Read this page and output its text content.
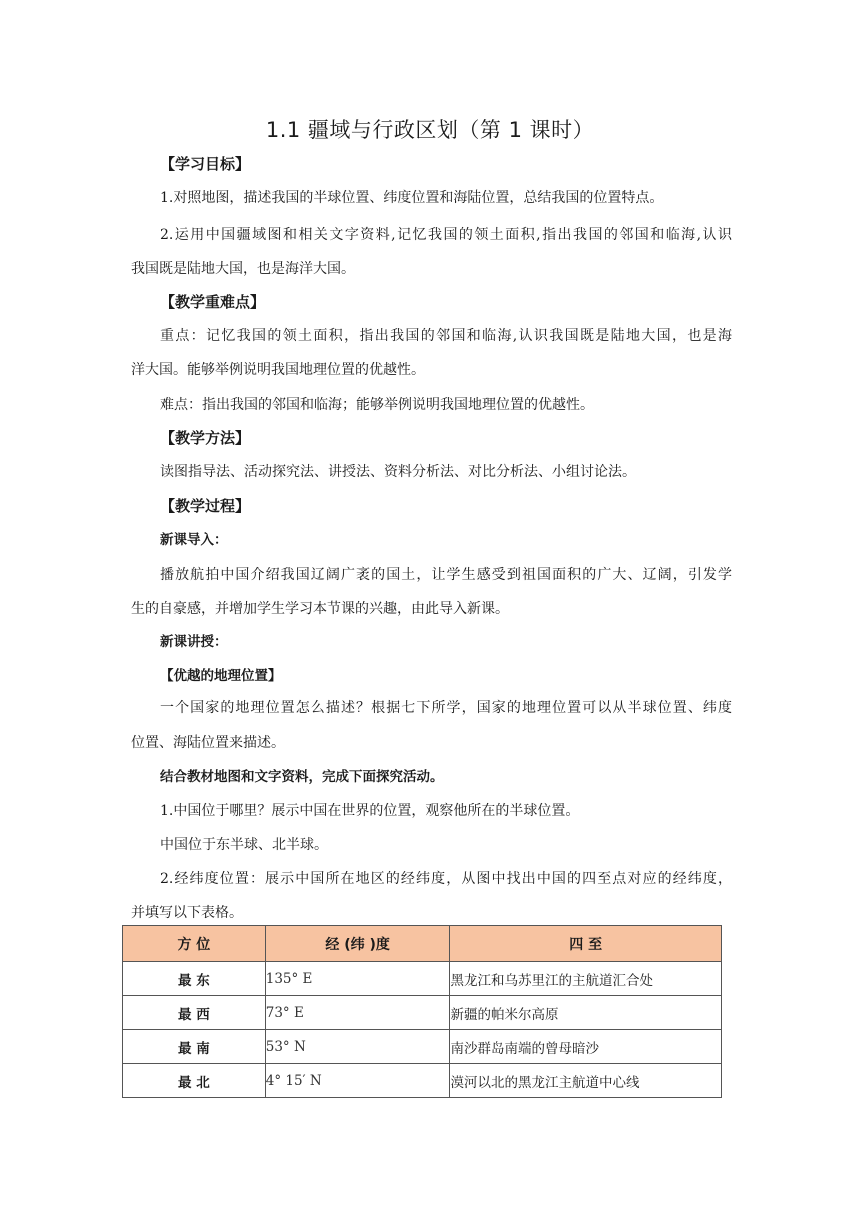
1.1 疆域与行政区划（第 1 课时）
【学习目标】
1.对照地图，描述我国的半球位置、纬度位置和海陆位置，总结我国的位置特点。
2.运用中国疆域图和相关文字资料,记忆我国的领土面积,指出我国的邻国和临海,认识
我国既是陆地大国，也是海洋大国。
【教学重难点】
重点：记忆我国的领土面积，指出我国的邻国和临海,认识我国既是陆地大国，也是海
洋大国。能够举例说明我国地理位置的优越性。
难点：指出我国的邻国和临海；能够举例说明我国地理位置的优越性。
【教学方法】
读图指导法、活动探究法、讲授法、资料分析法、对比分析法、小组讨论法。
【教学过程】
新课导入：
播放航拍中国介绍我国辽阔广袤的国土，让学生感受到祖国面积的广大、辽阔，引发学
生的自豪感，并增加学生学习本节课的兴趣，由此导入新课。
新课讲授：
【优越的地理位置】
一个国家的地理位置怎么描述？根据七下所学，国家的地理位置可以从半球位置、纬度
位置、海陆位置来描述。
结合教材地图和文字资料，完成下面探究活动。
1.中国位于哪里？展示中国在世界的位置，观察他所在的半球位置。
中国位于东半球、北半球。
2.经纬度位置：展示中国所在地区的经纬度，从图中找出中国的四至点对应的经纬度，
并填写以下表格。
方 位	经 (纬 )度	四 至
最 东	135° E	黑龙江和乌苏里江的主航道汇合处
最 西	73° E	新疆的帕米尔高原
最 南	53° N	南沙群岛南端的曾母暗沙
最 北	4° 15′ N	漠河以北的黑龙江主航道中心线
